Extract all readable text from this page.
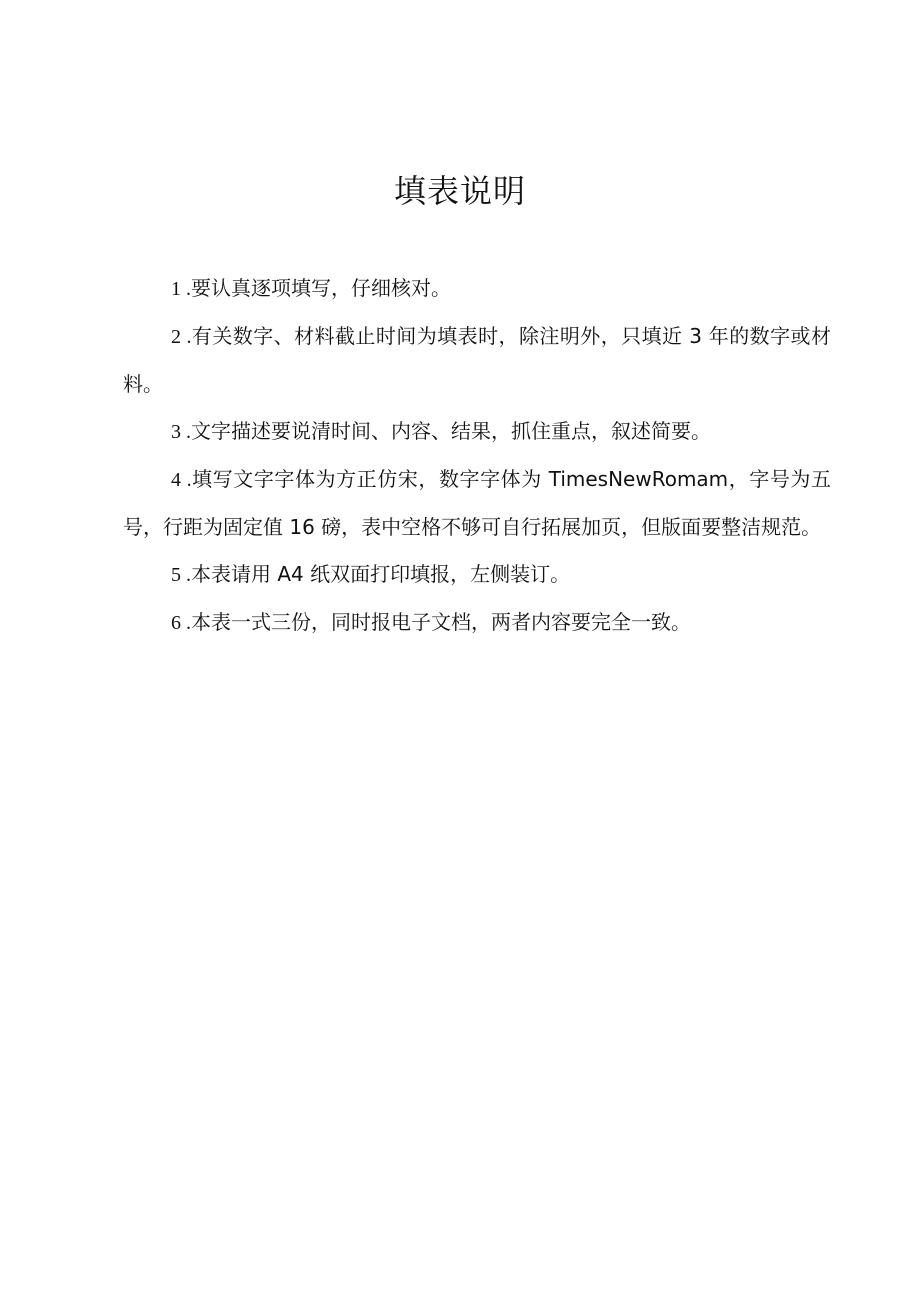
填表说明
1 .要认真逐项填写，仔细核对。
2 .有关数字、材料截止时间为填表时，除注明外，只填近 3 年的数字或材料。
3 .文字描述要说清时间、内容、结果，抓住重点，叙述简要。
4 .填写文字字体为方正仿宋，数字字体为 TimesNewRomam，字号为五号，行距为固定值 16 磅，表中空格不够可自行拓展加页，但版面要整洁规范。
5 .本表请用 A4 纸双面打印填报，左侧装订。
6 .本表一式三份，同时报电子文档，两者内容要完全一致。
